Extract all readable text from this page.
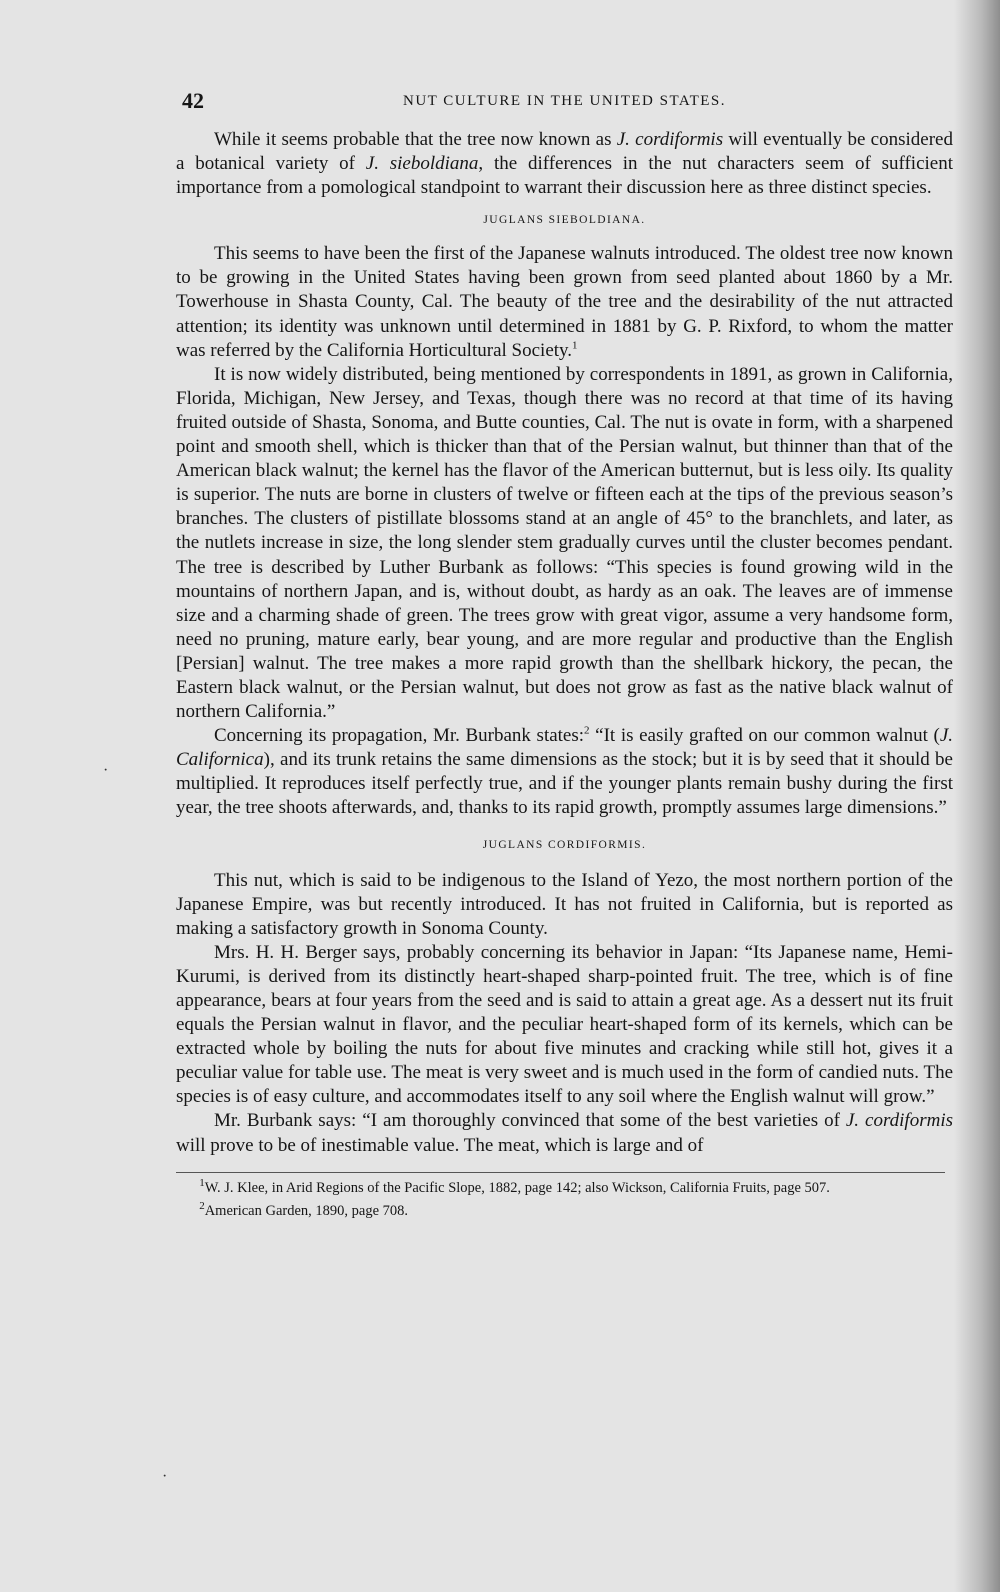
42	NUT CULTURE IN THE UNITED STATES.

While it seems probable that the tree now known as J. cordiformis will eventually be considered a botanical variety of J. sieboldiana, the differences in the nut characters seem of sufficient importance from a pomological standpoint to warrant their discussion here as three distinct species.

JUGLANS SIEBOLDIANA.

This seems to have been the first of the Japanese walnuts introduced. The oldest tree now known to be growing in the United States having been grown from seed planted about 1860 by a Mr. Towerhouse in Shasta County, Cal. The beauty of the tree and the desirability of the nut attracted attention; its identity was unknown until determined in 1881 by G. P. Rixford, to whom the matter was referred by the California Horticultural Society.$^1$

It is now widely distributed, being mentioned by correspondents in 1891, as grown in California, Florida, Michigan, New Jersey, and Texas, though there was no record at that time of its having fruited outside of Shasta, Sonoma, and Butte counties, Cal. The nut is ovate in form, with a sharpened point and smooth shell, which is thicker than that of the Persian walnut, but thinner than that of the American black walnut; the kernel has the flavor of the American butternut, but is less oily. Its quality is superior. The nuts are borne in clusters of twelve or fifteen each at the tips of the previous season’s branches. The clusters of pistillate blossoms stand at an angle of 45° to the branchlets, and later, as the nutlets increase in size, the long slender stem gradually curves until the cluster becomes pendant. The tree is described by Luther Burbank as follows: “This species is found growing wild in the mountains of northern Japan, and is, without doubt, as hardy as an oak. The leaves are of immense size and a charming shade of green. The trees grow with great vigor, assume a very handsome form, need no pruning, mature early, bear young, and are more regular and productive than the English [Persian] walnut. The tree makes a more rapid growth than the shellbark hickory, the pecan, the Eastern black walnut, or the Persian walnut, but does not grow as fast as the native black walnut of northern California.”

Concerning its propagation, Mr. Burbank states:$^2$ “It is easily grafted on our common walnut (J. Californica), and its trunk retains the same dimensions as the stock; but it is by seed that it should be multiplied. It reproduces itself perfectly true, and if the younger plants remain bushy during the first year, the tree shoots afterwards, and, thanks to its rapid growth, promptly assumes large dimensions.”

JUGLANS CORDIFORMIS.

This nut, which is said to be indigenous to the Island of Yezo, the most northern portion of the Japanese Empire, was but recently introduced. It has not fruited in California, but is reported as making a satisfactory growth in Sonoma County.

Mrs. H. H. Berger says, probably concerning its behavior in Japan: “Its Japanese name, Hemi-Kurumi, is derived from its distinctly heart-shaped sharp-pointed fruit. The tree, which is of fine appearance, bears at four years from the seed and is said to attain a great age. As a dessert nut its fruit equals the Persian walnut in flavor, and the peculiar heart-shaped form of its kernels, which can be extracted whole by boiling the nuts for about five minutes and cracking while still hot, gives it a peculiar value for table use. The meat is very sweet and is much used in the form of candied nuts. The species is of easy culture, and accommodates itself to any soil where the English walnut will grow.”

Mr. Burbank says: “I am thoroughly convinced that some of the best varieties of J. cordiformis will prove to be of inestimable value. The meat, which is large and of

$^1$W. J. Klee, in Arid Regions of the Pacific Slope, 1882, page 142; also Wickson, California Fruits, page 507.

$^2$American Garden, 1890, page 708.

·
·
